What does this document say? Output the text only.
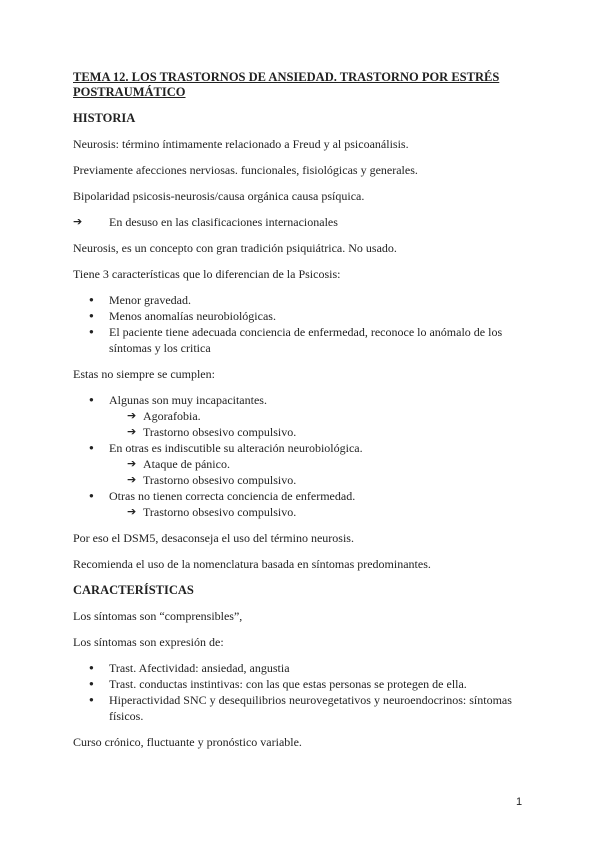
TEMA 12. LOS TRASTORNOS DE ANSIEDAD. TRASTORNO POR ESTRÉS POSTRAUMÁTICO
HISTORIA

Neurosis: término íntimamente relacionado a Freud y al psicoanálisis.

Previamente afecciones nerviosas. funcionales, fisiológicas y generales.

Bipolaridad psicosis-neurosis/causa orgánica causa psíquica.

➔ En desuso en las clasificaciones internacionales

Neurosis, es un concepto con gran tradición psiquiátrica. No usado.

Tiene 3 características que lo diferencian de la Psicosis:

● Menor gravedad.
● Menos anomalías neurobiológicas.
● El paciente tiene adecuada conciencia de enfermedad, reconoce lo anómalo de los síntomas y los critica

Estas no siempre se cumplen:

● Algunas son muy incapacitantes.
➔ Agorafobia.
➔ Trastorno obsesivo compulsivo.
● En otras es indiscutible su alteración neurobiológica.
➔ Ataque de pánico.
➔ Trastorno obsesivo compulsivo.
● Otras no tienen correcta conciencia de enfermedad.
➔ Trastorno obsesivo compulsivo.

Por eso el DSM5, desaconseja el uso del término neurosis.

Recomienda el uso de la nomenclatura basada en síntomas predominantes.

CARACTERÍSTICAS

Los síntomas son “comprensibles”,

Los síntomas son expresión de:

● Trast. Afectividad: ansiedad, angustia
● Trast. conductas instintivas: con las que estas personas se protegen de ella.
● Hiperactividad SNC y desequilibrios neurovegetativos y neuroendocrinos: síntomas físicos.

Curso crónico, fluctuante y pronóstico variable.

1
